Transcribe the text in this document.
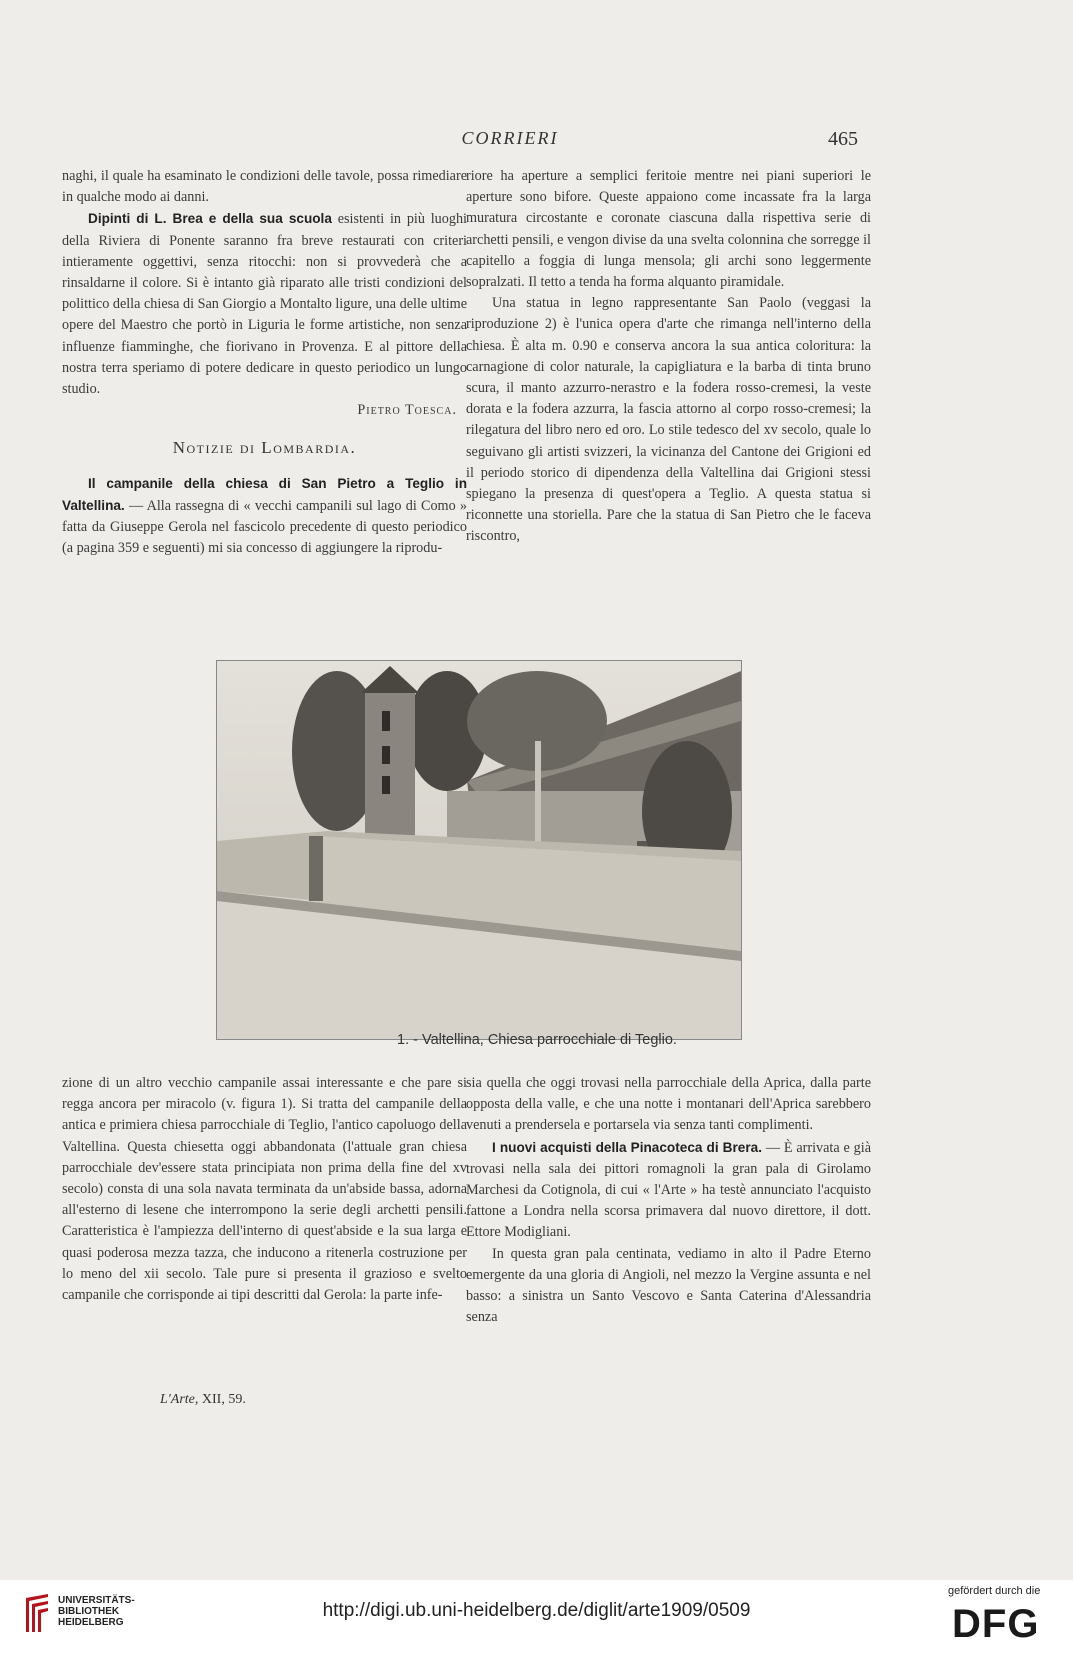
CORRIERI	465

naghi, il quale ha esaminato le condizioni delle tavole, possa rimediare in qualche modo ai danni.

Dipinti di L. Brea e della sua scuola esistenti in più luoghi della Riviera di Ponente saranno fra breve restaurati con criteri intieramente oggettivi, senza ritocchi: non si provvederà che a rinsaldarne il colore. Si è intanto già riparato alle tristi condizioni del polittico della chiesa di San Giorgio a Montalto ligure, una delle ultime opere del Maestro che portò in Liguria le forme artistiche, non senza influenze fiamminghe, che fiorivano in Provenza. E al pittore della nostra terra speriamo di potere dedicare in questo periodico un lungo studio.

Pietro Toesca.

Notizie di Lombardia.

Il campanile della chiesa di San Pietro a Teglio in Valtellina. — Alla rassegna di « vecchi campanili sul lago di Como » fatta da Giuseppe Gerola nel fascicolo precedente di questo periodico (a pagina 359 e seguenti) mi sia concesso di aggiungere la riprodu-

riore ha aperture a semplici feritoie mentre nei piani superiori le aperture sono bifore. Queste appaiono come incassate fra la larga muratura circostante e coronate ciascuna dalla rispettiva serie di archetti pensili, e vengon divise da una svelta colonnina che sorregge il capitello a foggia di lunga mensola; gli archi sono leggermente sopralzati. Il tetto a tenda ha forma alquanto piramidale.

Una statua in legno rappresentante San Paolo (veggasi la riproduzione 2) è l'unica opera d'arte che rimanga nell'interno della chiesa. È alta m. 0.90 e conserva ancora la sua antica coloritura: la carnagione di color naturale, la capigliatura e la barba di tinta bruno scura, il manto azzurro-nerastro e la fodera rosso-cremesi, la veste dorata e la fodera azzurra, la fascia attorno al corpo rosso-cremesi; la rilegatura del libro nero ed oro. Lo stile tedesco del xv secolo, quale lo seguivano gli artisti svizzeri, la vicinanza del Cantone dei Grigioni ed il periodo storico di dipendenza della Valtellina dai Grigioni stessi spiegano la presenza di quest'opera a Teglio. A questa statua si riconnette una storiella. Pare che la statua di San Pietro che le faceva riscontro,

1. - Valtellina, Chiesa parrocchiale di Teglio.

zione di un altro vecchio campanile assai interessante e che pare si regga ancora per miracolo (v. figura 1). Si tratta del campanile della antica e primiera chiesa parrocchiale di Teglio, l'antico capoluogo della Valtellina. Questa chiesetta oggi abbandonata (l'attuale gran chiesa parrocchiale dev'essere stata principiata non prima della fine del xv secolo) consta di una sola navata terminata da un'abside bassa, adorna all'esterno di lesene che interrompono la serie degli archetti pensili. Caratteristica è l'ampiezza dell'interno di quest'abside e la sua larga e quasi poderosa mezza tazza, che inducono a ritenerla costruzione per lo meno del xii secolo. Tale pure si presenta il grazioso e svelto campanile che corrisponde ai tipi descritti dal Gerola: la parte infe-

sia quella che oggi trovasi nella parrocchiale della Aprica, dalla parte opposta della valle, e che una notte i montanari dell'Aprica sarebbero venuti a prendersela e portarsela via senza tanti complimenti.

I nuovi acquisti della Pinacoteca di Brera. — È arrivata e già trovasi nella sala dei pittori romagnoli la gran pala di Girolamo Marchesi da Cotignola, di cui « l'Arte » ha testè annunciato l'acquisto fattone a Londra nella scorsa primavera dal nuovo direttore, il dott. Ettore Modigliani.

In questa gran pala centinata, vediamo in alto il Padre Eterno emergente da una gloria di Angioli, nel mezzo la Vergine assunta e nel basso: a sinistra un Santo Vescovo e Santa Caterina d'Alessandria senza

L'Arte, XII, 59.
UNIVERSITÄTS-
BIBLIOTHEK
HEIDELBERG
http://digi.ub.uni-heidelberg.de/diglit/arte1909/0509
gefördert durch die
DFG
